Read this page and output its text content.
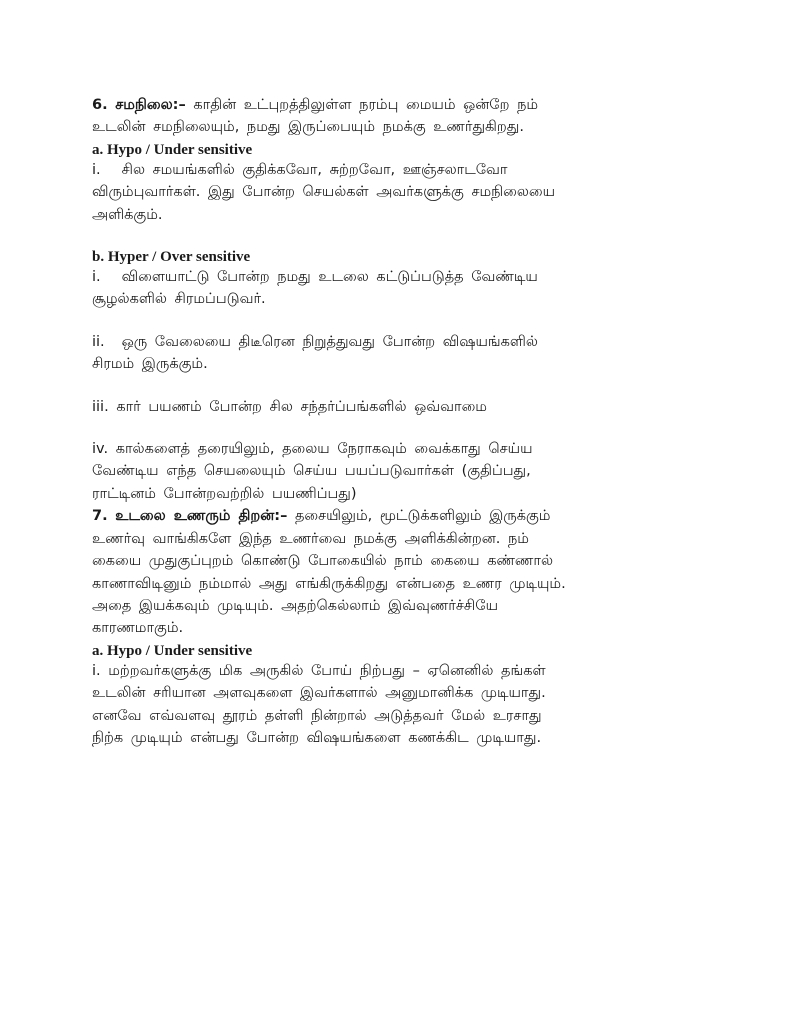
6. சமநிலை:– காதின் உட்புறத்திலுள்ள நரம்பு மையம் ஒன்றே நம்
உடலின் சமநிலையும், நமது இருப்பையும் நமக்கு உணர்துகிறது.
a. Hypo / Under sensitive
i. சில சமயங்களில் குதிக்கவோ, சுற்றவோ, ஊஞ்சலாடவோ
விரும்புவார்கள். இது போன்ற செயல்கள் அவர்களுக்கு சமநிலையை
அளிக்கும்.
b. Hyper / Over sensitive
i. விளையாட்டு போன்ற நமது உடலை கட்டுப்படுத்த வேண்டிய
சூழல்களில் சிரமப்படுவர்.
ii. ஒரு வேலையை திடீரென நிறுத்துவது போன்ற விஷயங்களில்
சிரமம் இருக்கும்.
iii. கார் பயணம் போன்ற சில சந்தர்ப்பங்களில் ஒவ்வாமை
iv. கால்களைத் தரையிலும், தலைய நேராகவும் வைக்காது செய்ய
வேண்டிய எந்த செயலையும் செய்ய பயப்படுவார்கள் (குதிப்பது,
ராட்டினம் போன்றவற்றில் பயணிப்பது)
7. உடலை உணரும் திறன்:– தசையிலும், மூட்டுக்களிலும் இருக்கும்
உணர்வு வாங்கிகளே இந்த உணர்வை நமக்கு அளிக்கின்றன. நம்
கையை முதுகுப்புறம் கொண்டு போகையில் நாம் கையை கண்ணால்
காணாவிடினும் நம்மால் அது எங்கிருக்கிறது என்பதை உணர முடியும்.
அதை இயக்கவும் முடியும். அதற்கெல்லாம் இவ்வுணர்ச்சியே
காரணமாகும்.
a. Hypo / Under sensitive
i. மற்றவர்களுக்கு மிக அருகில் போய் நிற்பது – ஏனெனில் தங்கள்
உடலின் சரியான அளவுகளை இவர்களால் அனுமானிக்க முடியாது.
எனவே எவ்வளவு தூரம் தள்ளி நின்றால் அடுத்தவர் மேல் உரசாது
நிற்க முடியும் என்பது போன்ற விஷயங்களை கணக்கிட முடியாது.
